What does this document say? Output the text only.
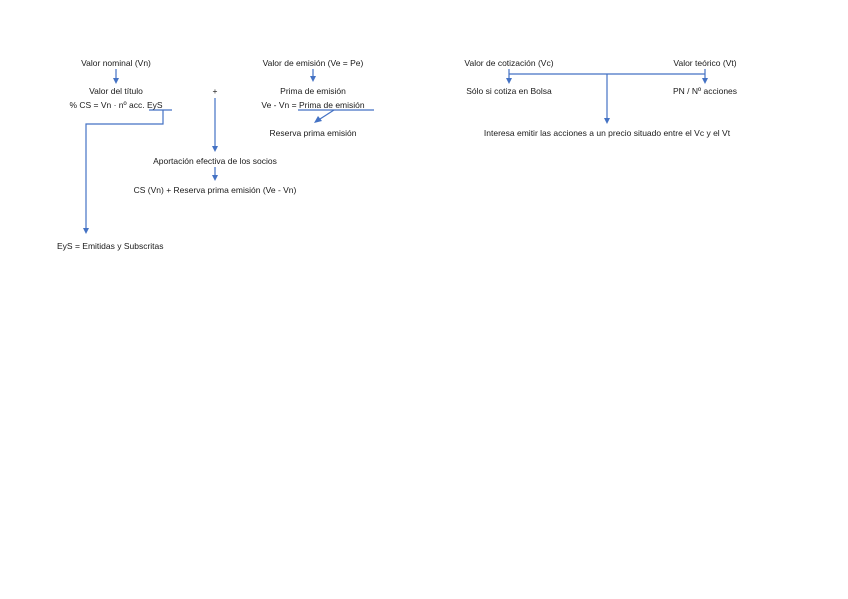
Valor nominal (Vn)
Valor del título
% CS = Vn · nº acc. EyS
EyS = Emitidas y Subscritas
+
Aportación efectiva de los socios
CS (Vn) + Reserva prima emisión (Ve - Vn)
Valor de emisión (Ve = Pe)
Prima de emisión
Ve - Vn = Prima de emisión
Reserva prima emisión
Valor de cotización (Vc)	Valor teórico (Vt)
Sólo si cotiza en Bolsa	PN / Nº acciones
Interesa emitir las acciones a un precio situado entre el Vc y el Vt
